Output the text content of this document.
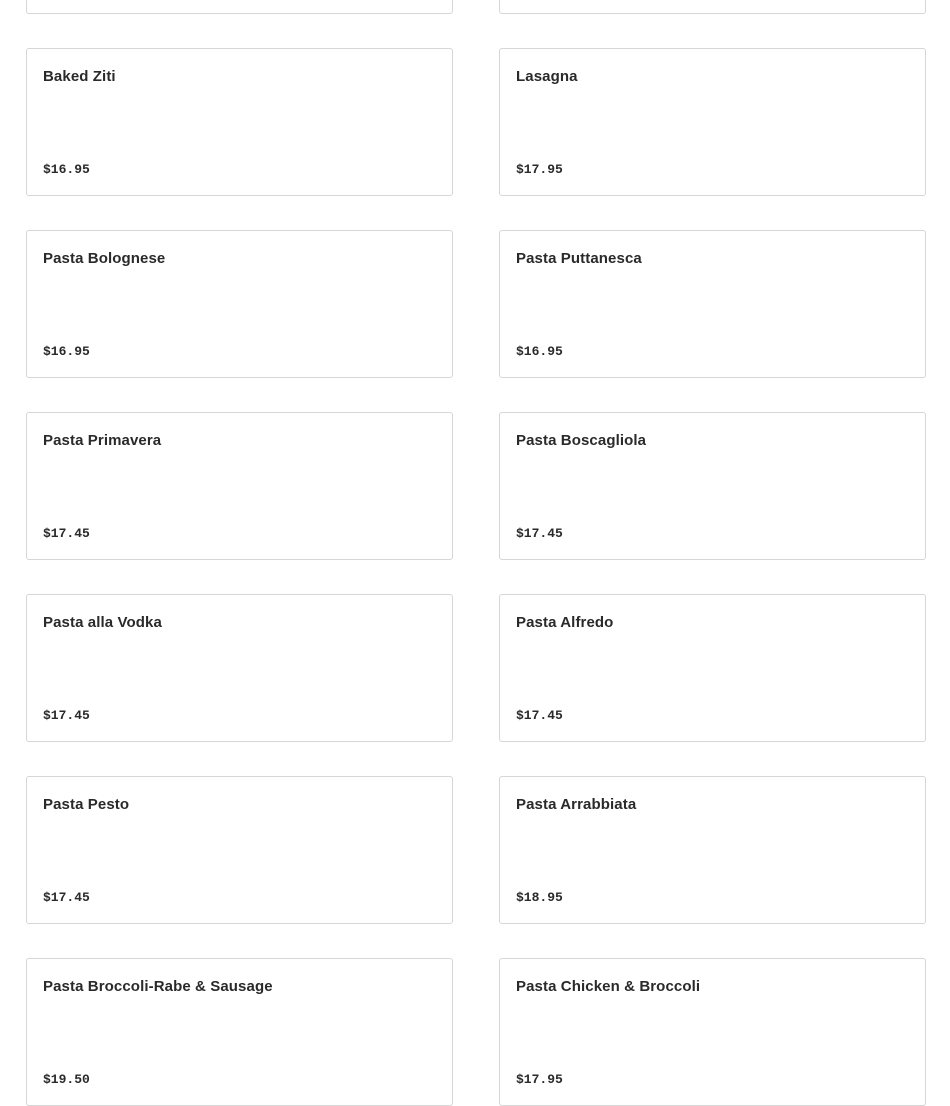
Baked Ziti
$16.95
Lasagna
$17.95
Pasta Bolognese
$16.95
Pasta Puttanesca
$16.95
Pasta Primavera
$17.45
Pasta Boscagliola
$17.45
Pasta alla Vodka
$17.45
Pasta Alfredo
$17.45
Pasta Pesto
$17.45
Pasta Arrabbiata
$18.95
Pasta Broccoli-Rabe & Sausage
$19.50
Pasta Chicken & Broccoli
$17.95
